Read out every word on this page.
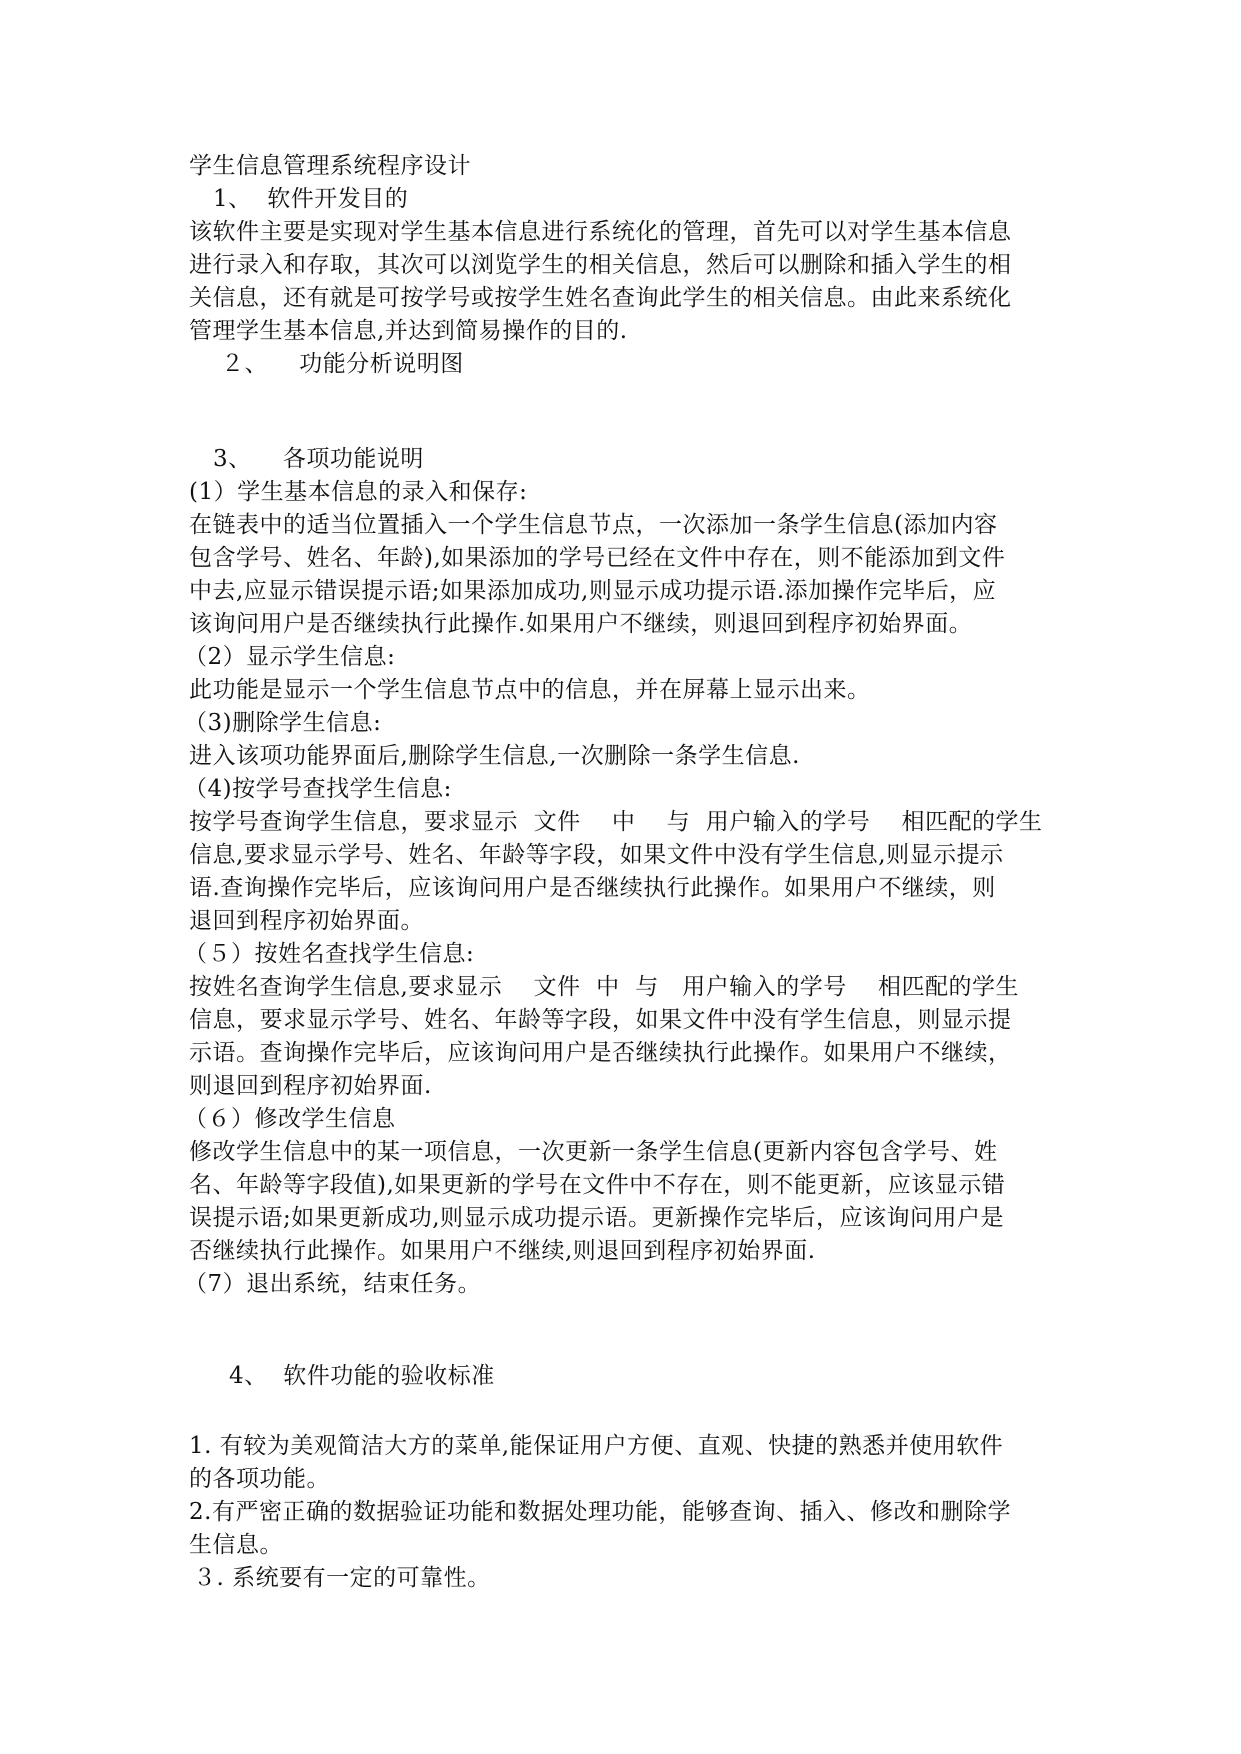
学生信息管理系统程序设计
1、  软件开发目的
该软件主要是实现对学生基本信息进行系统化的管理，首先可以对学生基本信息
进行录入和存取，其次可以浏览学生的相关信息，然后可以删除和插入学生的相
关信息，还有就是可按学号或按学生姓名查询此学生的相关信息。由此来系统化
管理学生基本信息,并达到简易操作的目的.
２、    功能分析说明图
3、    各项功能说明
(1）学生基本信息的录入和保存:
在链表中的适当位置插入一个学生信息节点，一次添加一条学生信息(添加内容
包含学号、姓名、年龄),如果添加的学号已经在文件中存在，则不能添加到文件
中去,应显示错误提示语;如果添加成功,则显示成功提示语.添加操作完毕后，应
该询问用户是否继续执行此操作.如果用户不继续，则退回到程序初始界面。
（2）显示学生信息:
此功能是显示一个学生信息节点中的信息，并在屏幕上显示出来。
（3)删除学生信息:
进入该项功能界面后,删除学生信息,一次删除一条学生信息.
（4)按学号查找学生信息:
按学号查询学生信息，要求显示  文件    中    与  用户输入的学号    相匹配的学生
信息,要求显示学号、姓名、年龄等字段，如果文件中没有学生信息,则显示提示
语.查询操作完毕后，应该询问用户是否继续执行此操作。如果用户不继续，则
退回到程序初始界面。
（５）按姓名查找学生信息:
按姓名查询学生信息,要求显示    文件  中  与   用户输入的学号    相匹配的学生
信息，要求显示学号、姓名、年龄等字段，如果文件中没有学生信息，则显示提
示语。查询操作完毕后，应该询问用户是否继续执行此操作。如果用户不继续，
则退回到程序初始界面.
（６）修改学生信息
修改学生信息中的某一项信息，一次更新一条学生信息(更新内容包含学号、姓
名、年龄等字段值),如果更新的学号在文件中不存在，则不能更新，应该显示错
误提示语;如果更新成功,则显示成功提示语。更新操作完毕后，应该询问用户是
否继续执行此操作。如果用户不继续,则退回到程序初始界面.
（7）退出系统，结束任务。
4、  软件功能的验收标准
1. 有较为美观简洁大方的菜单,能保证用户方便、直观、快捷的熟悉并使用软件
的各项功能。
2.有严密正确的数据验证功能和数据处理功能，能够查询、插入、修改和删除学
生信息。
３. 系统要有一定的可靠性。
